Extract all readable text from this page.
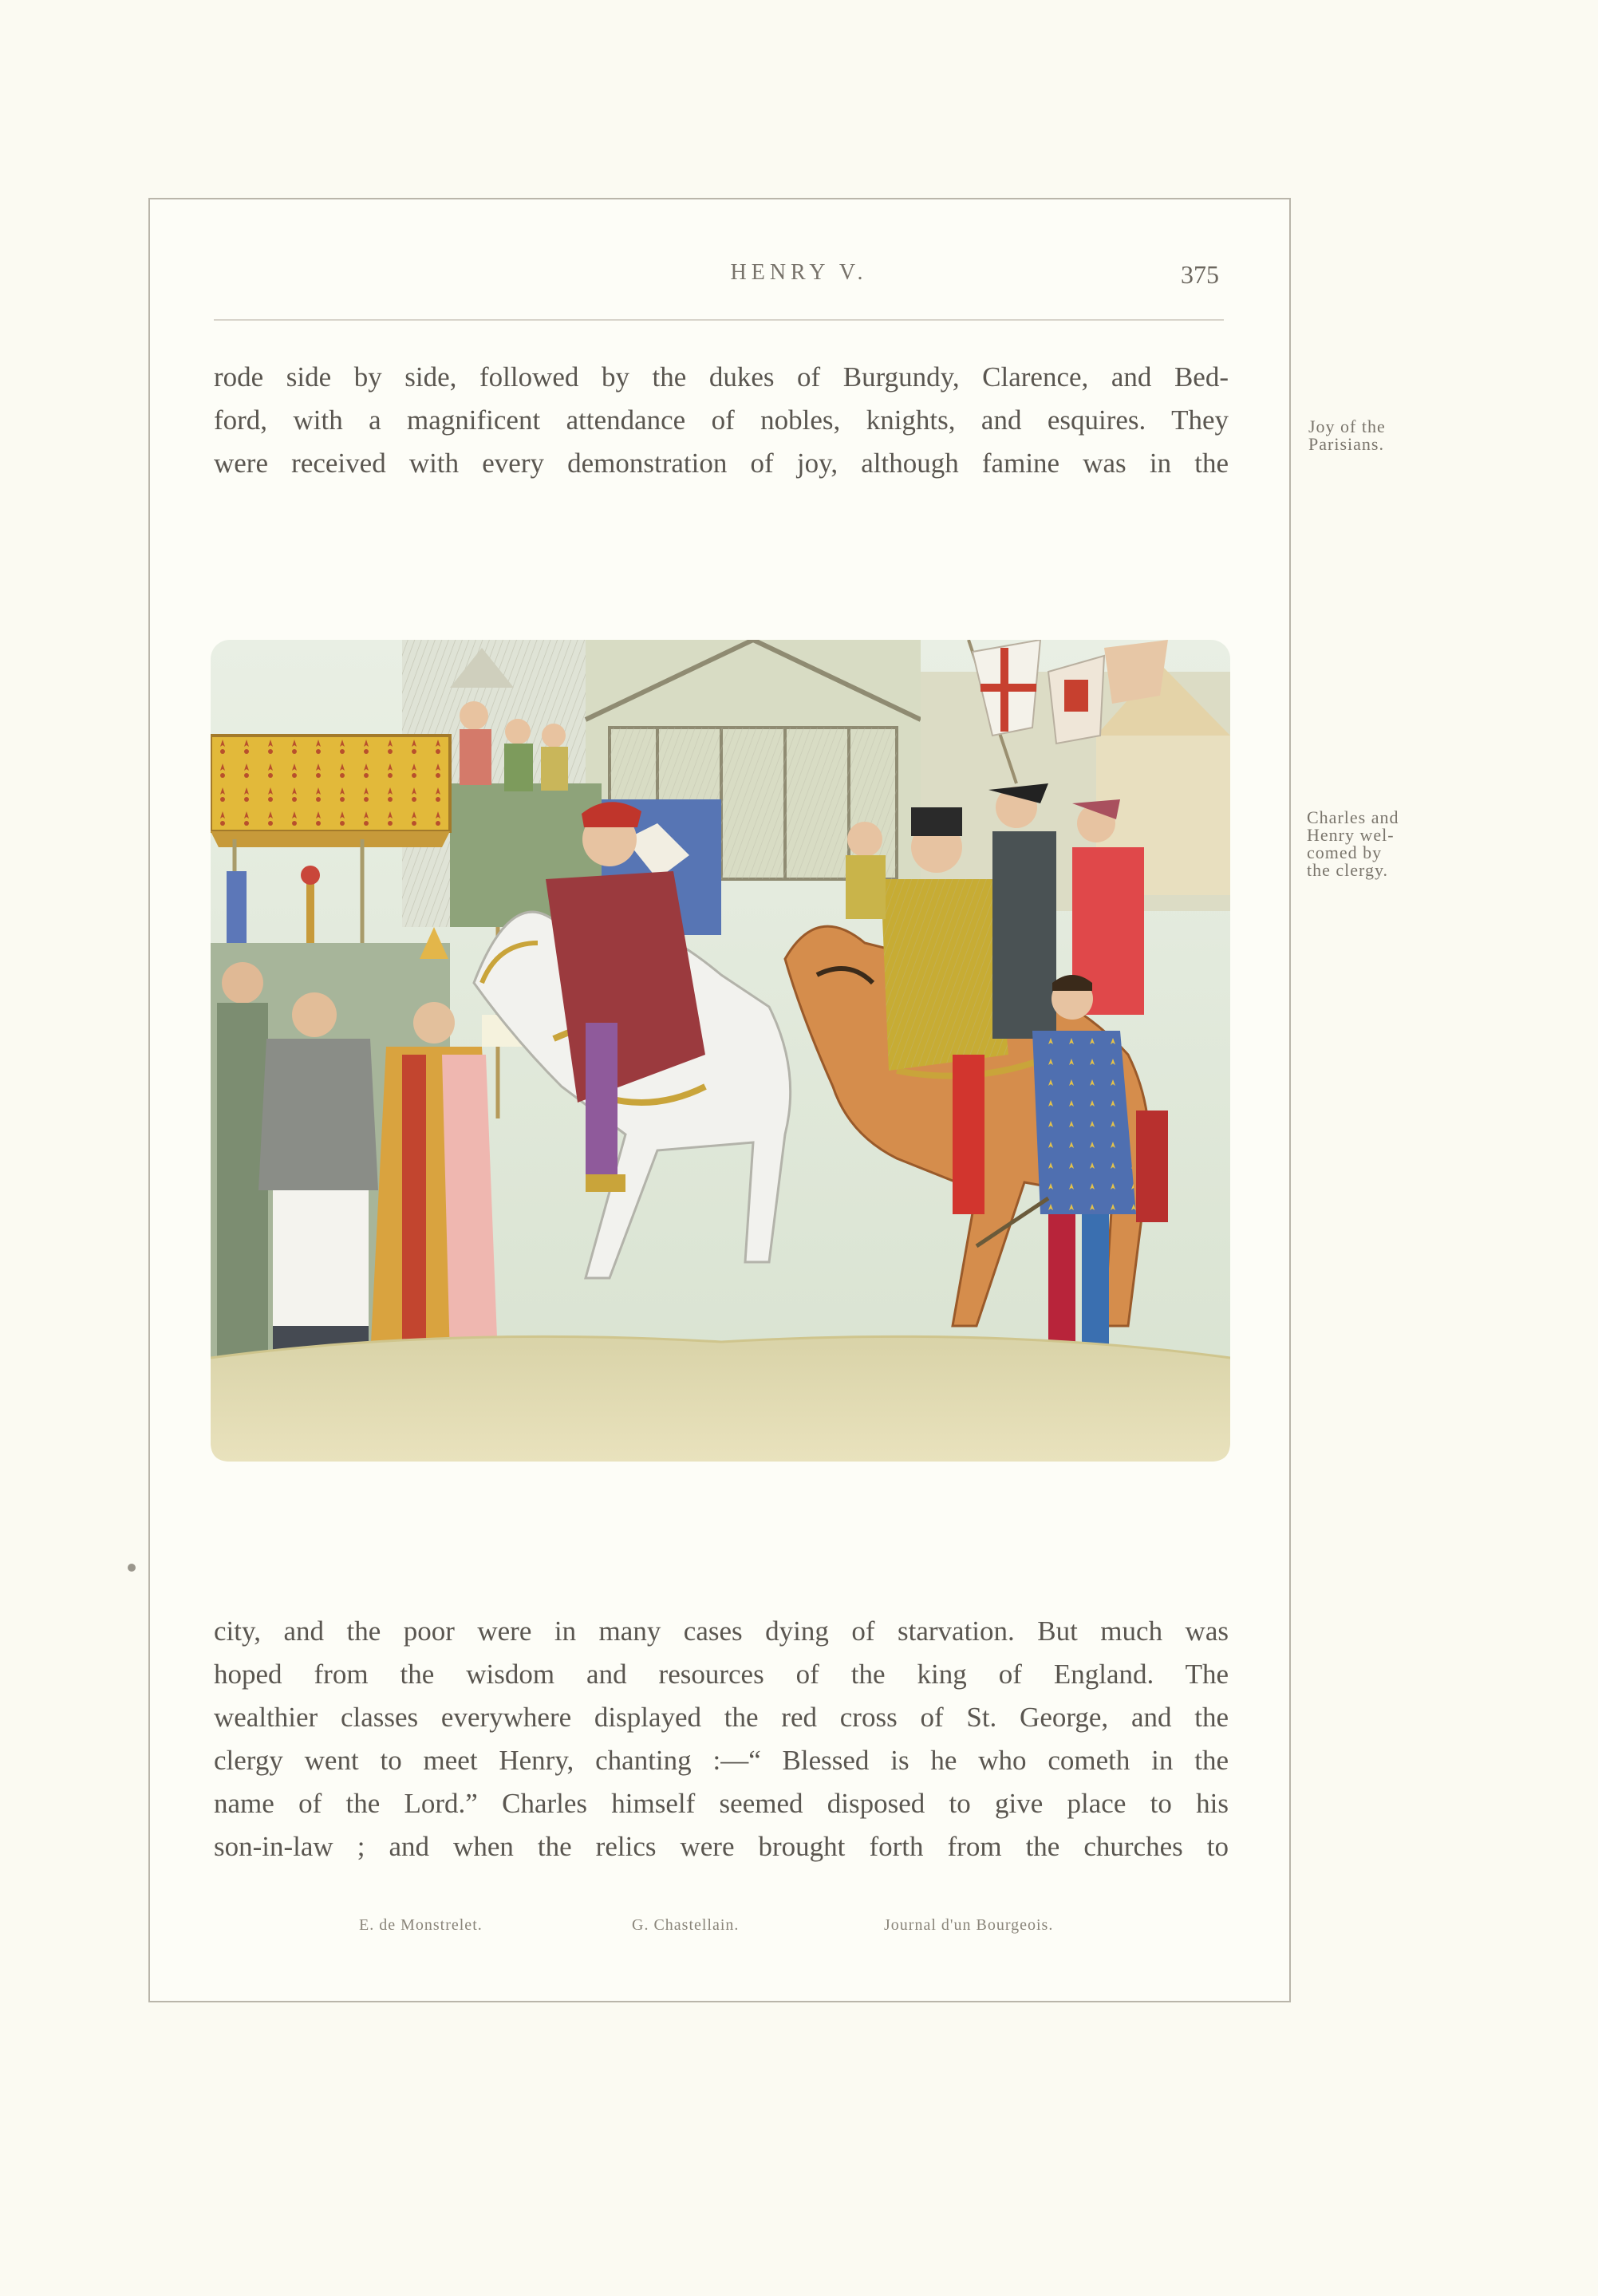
HENRY V.	375

rode side by side, followed by the dukes of Burgundy, Clarence, and Bed-
ford, with a magnificent attendance of nobles, knights, and esquires. They
were received with every demonstration of joy, although famine was in the

Joy of the
Parisians.
Charles and
Henry wel-
comed by
the clergy.

city, and the poor were in many cases dying of starvation. But much was
hoped from the wisdom and resources of the king of England. The
wealthier classes everywhere displayed the red cross of St. George, and the
clergy went to meet Henry, chanting :—“ Blessed is he who cometh in the
name of the Lord.” Charles himself seemed disposed to give place to his
son-in-law ; and when the relics were brought forth from the churches to

E. de Monstrelet.	G. Chastellain.	Journal d'un Bourgeois.
